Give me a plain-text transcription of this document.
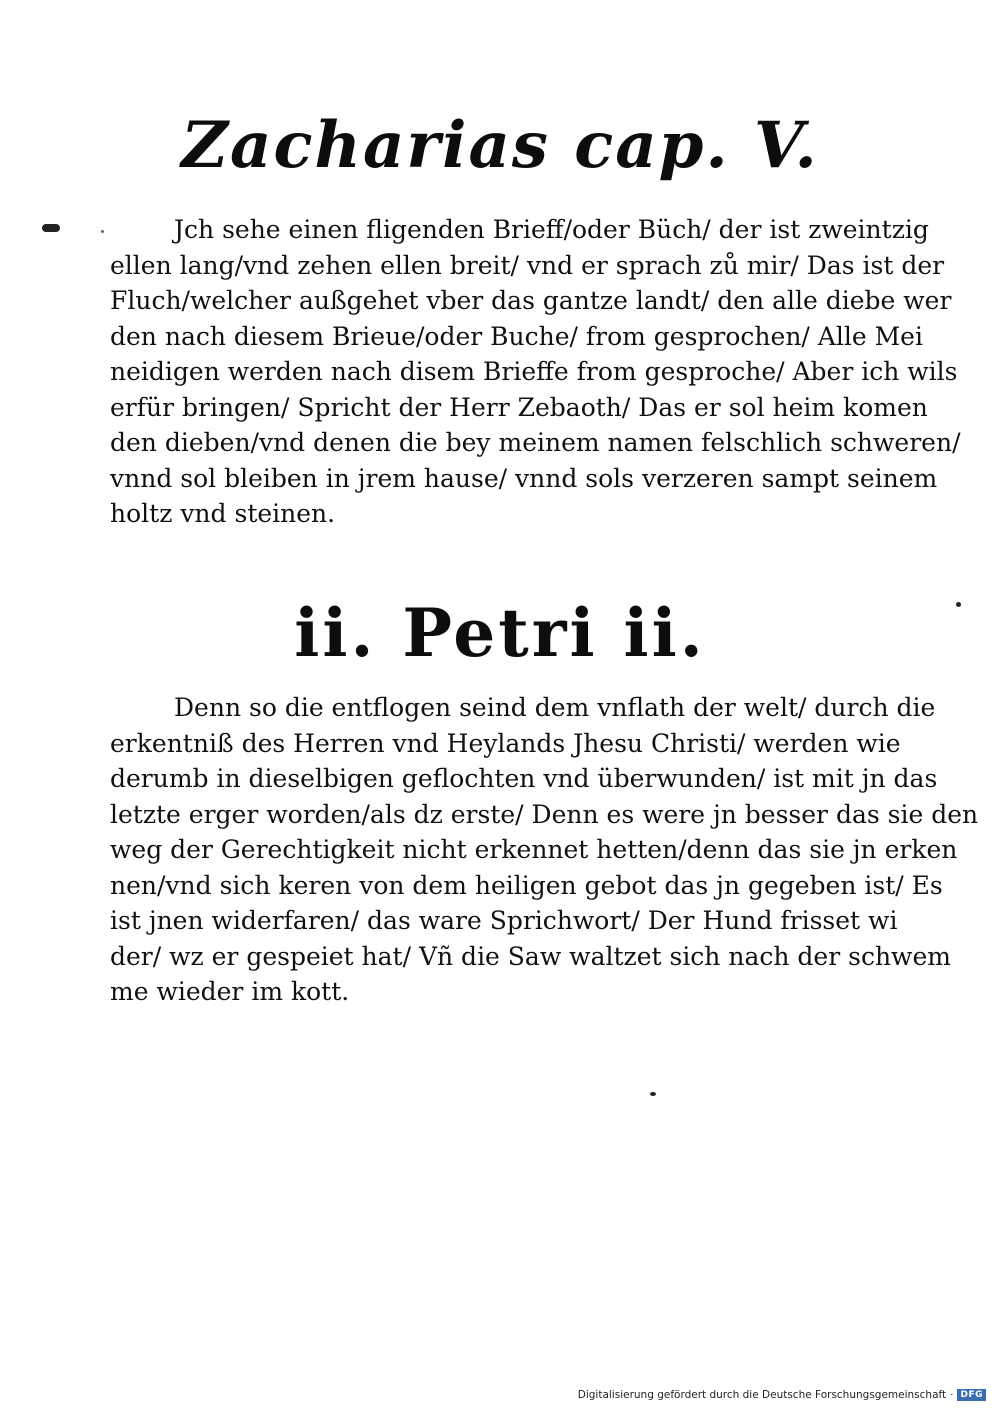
Zacharias cap. V.
Jch sehe einen fligenden Brieff/oder Büch/ der ist zweintzig
ellen lang/vnd zehen ellen breit/ vnd er sprach zů mir/ Das ist der
Fluch/welcher außgehet vber das gantze landt/ den alle diebe wer
den nach diesem Brieue/oder Buche/ from gesprochen/ Alle Mei
neidigen werden nach disem Brieffe from gesproche/ Aber ich wils
erfür bringen/ Spricht der Herr Zebaoth/ Das er sol heim komen
den dieben/vnd denen die bey meinem namen felschlich schweren/
vnnd sol bleiben in jrem hause/ vnnd sols verzeren sampt seinem
holtz vnd steinen.
ii. Petri ii.
Denn so die entflogen seind dem vnflath der welt/ durch die
erkentniß des Herren vnd Heylands Jhesu Christi/ werden wie
derumb in dieselbigen geflochten vnd überwunden/ ist mit jn das
letzte erger worden/als dz erste/ Denn es were jn besser das sie den
weg der Gerechtigkeit nicht erkennet hetten/denn das sie jn erken
nen/vnd sich keren von dem heiligen gebot das jn gegeben ist/ Es
ist jnen widerfaren/ das ware Sprichwort/ Der Hund frisset wi
der/ wz er gespeiet hat/ Vñ die Saw waltzet sich nach der schwem
me wieder im kott.
Digitalisierung gefördert durch die Deutsche Forschungsgemeinschaft · DFG
